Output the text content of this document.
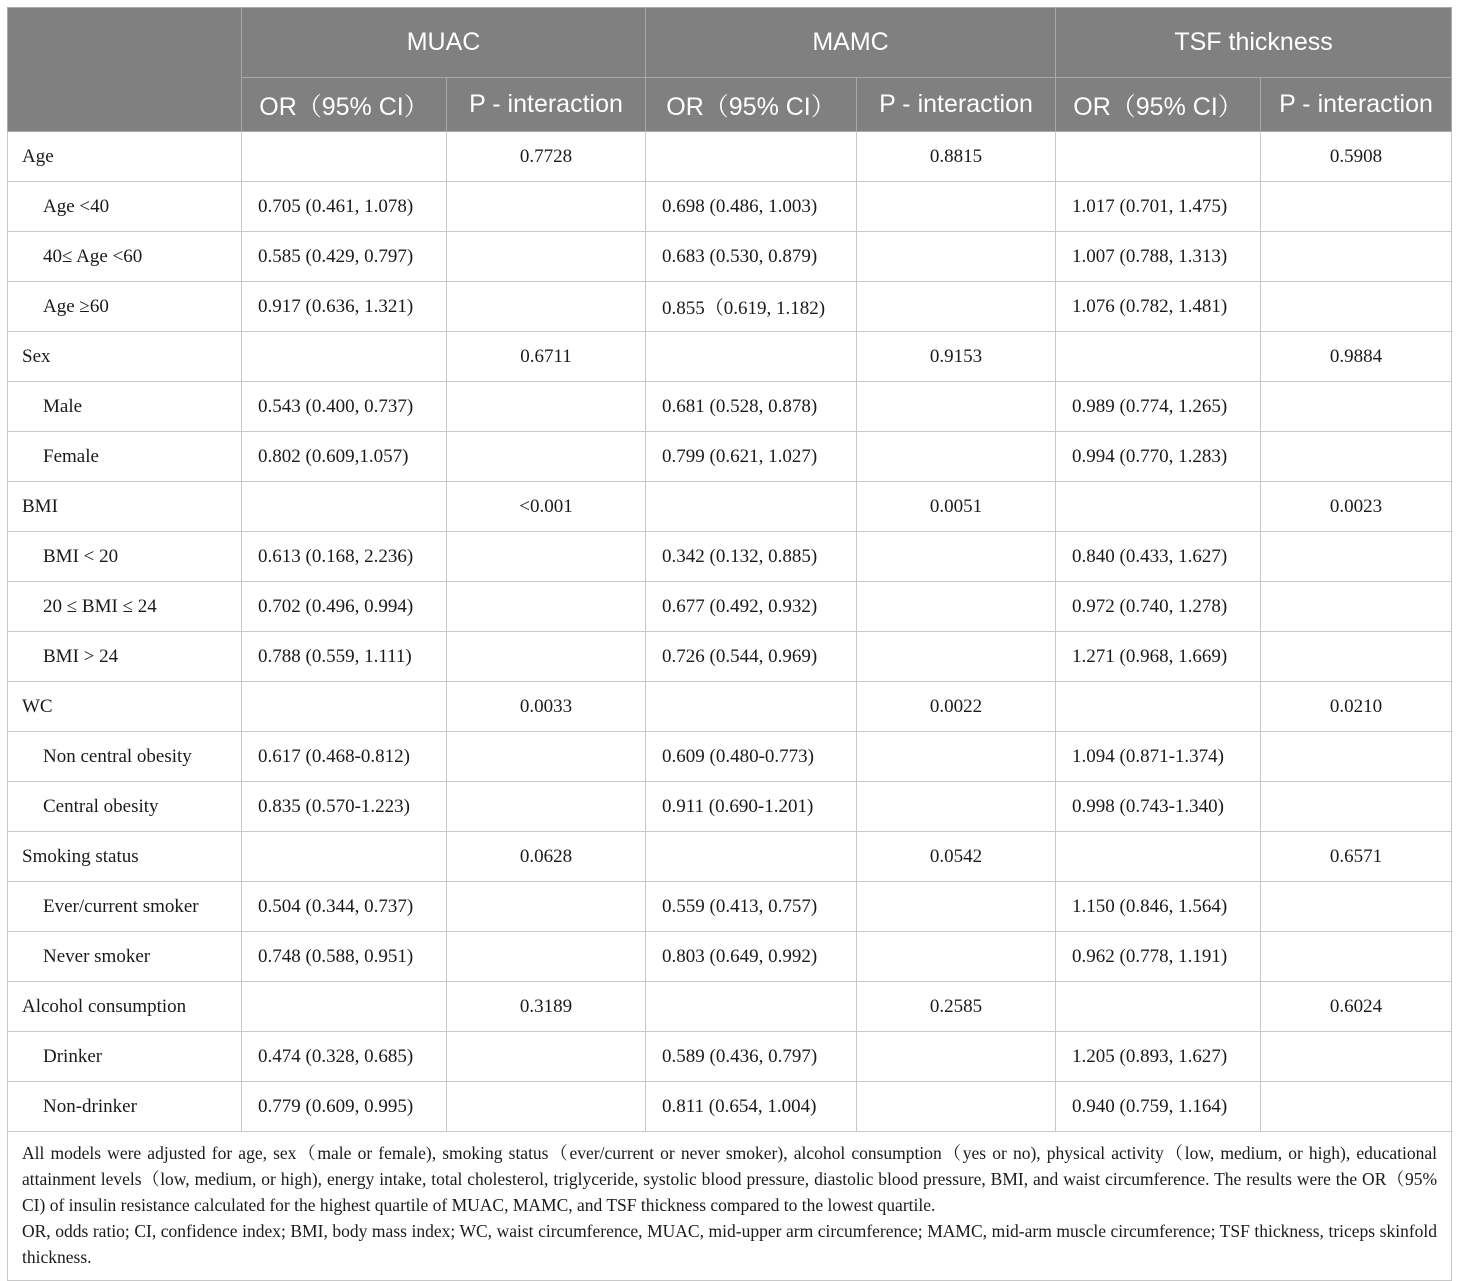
	MUAC		MAMC		TSF thickness	
	OR（95% CI）	P - interaction	OR（95% CI）	P - interaction	OR（95% CI）	P - interaction
Age		0.7728		0.8815		0.5908
Age <40	0.705 (0.461, 1.078)		0.698 (0.486, 1.003)		1.017 (0.701, 1.475)	
40≤ Age <60	0.585 (0.429, 0.797)		0.683 (0.530, 0.879)		1.007 (0.788, 1.313)	
Age ≥60	0.917 (0.636, 1.321)		0.855（0.619, 1.182)		1.076 (0.782, 1.481)	
Sex		0.6711		0.9153		0.9884
Male	0.543 (0.400, 0.737)		0.681 (0.528, 0.878)		0.989 (0.774, 1.265)	
Female	0.802 (0.609,1.057)		0.799 (0.621, 1.027)		0.994 (0.770, 1.283)	
BMI		<0.001		0.0051		0.0023
BMI < 20	0.613 (0.168, 2.236)		0.342 (0.132, 0.885)		0.840 (0.433, 1.627)	
20 ≤ BMI ≤ 24	0.702 (0.496, 0.994)		0.677 (0.492, 0.932)		0.972 (0.740, 1.278)	
BMI > 24	0.788 (0.559, 1.111)		0.726 (0.544, 0.969)		1.271 (0.968, 1.669)	
WC		0.0033		0.0022		0.0210
Non central obesity	0.617 (0.468-0.812)		0.609 (0.480-0.773)		1.094 (0.871-1.374)	
Central obesity	0.835 (0.570-1.223)		0.911 (0.690-1.201)		0.998 (0.743-1.340)	
Smoking status		0.0628		0.0542		0.6571
Ever/current smoker	0.504 (0.344, 0.737)		0.559 (0.413, 0.757)		1.150 (0.846, 1.564)	
Never smoker	0.748 (0.588, 0.951)		0.803 (0.649, 0.992)		0.962 (0.778, 1.191)	
Alcohol consumption		0.3189		0.2585		0.6024
Drinker	0.474 (0.328, 0.685)		0.589 (0.436, 0.797)		1.205 (0.893, 1.627)	
Non-drinker	0.779 (0.609, 0.995)		0.811 (0.654, 1.004)		0.940 (0.759, 1.164)	

All models were adjusted for age, sex（male or female), smoking status（ever/current or never smoker), alcohol consumption（yes or no), physical activity（low, medium, or high), educational attainment levels（low, medium, or high), energy intake, total cholesterol, triglyceride, systolic blood pressure, diastolic blood pressure, BMI, and waist circumference. The results were the OR（95% CI) of insulin resistance calculated for the highest quartile of MUAC, MAMC, and TSF thickness compared to the lowest quartile.

OR, odds ratio; CI, confidence index; BMI, body mass index; WC, waist circumference, MUAC, mid-upper arm circumference; MAMC, mid-arm muscle circumference; TSF thickness, triceps skinfold thickness.						
